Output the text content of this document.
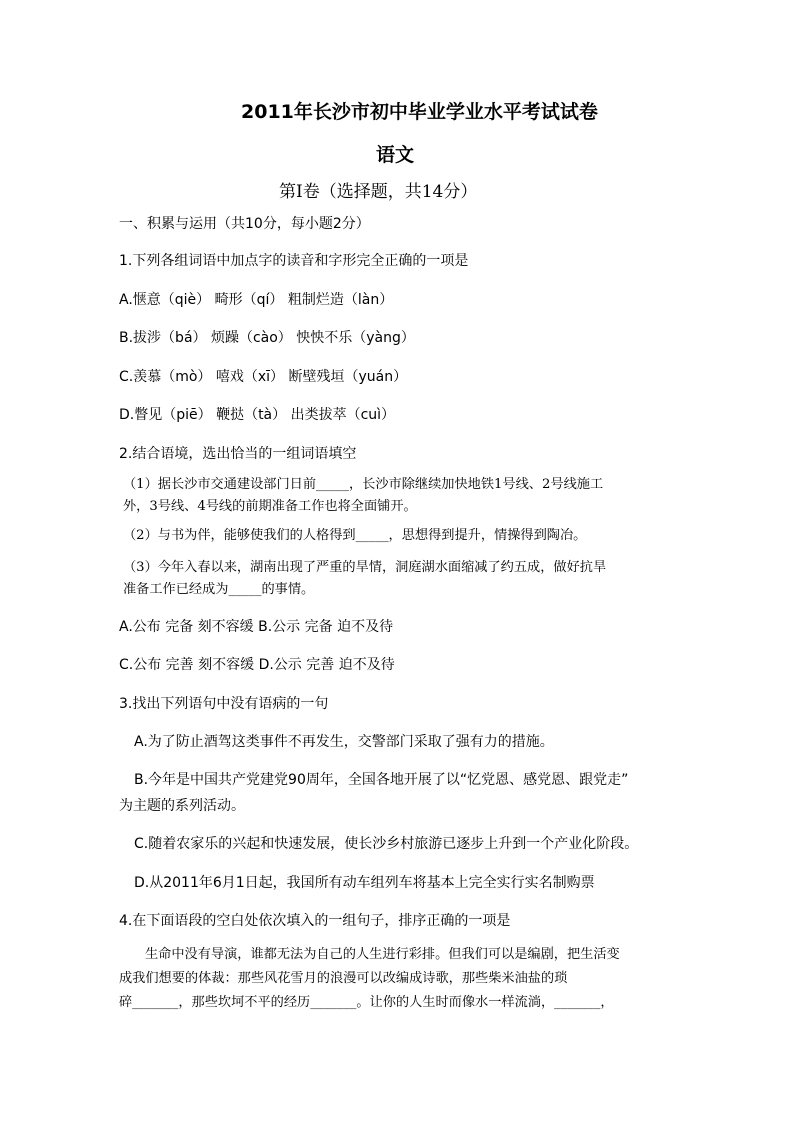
2011年长沙市初中毕业学业水平考试试卷
语文
第Ⅰ卷（选择题，共14分）
一、积累与运用（共10分，每小题2分）
1.下列各组词语中加点字的读音和字形完全正确的一项是
A.惬意（qiè） 畸形（qí） 粗制烂造（làn）
B.拔涉（bá） 烦躁（cào） 怏怏不乐（yàng）
C.羡慕（mò） 嘻戏（xī） 断壁残垣（yuán）
D.瞥见（piē） 鞭挞（tà） 出类拔萃（cuì）
2.结合语境，选出恰当的一组词语填空
（1）据长沙市交通建设部门日前_____，长沙市除继续加快地铁1号线、2号线施工
外，3号线、4号线的前期准备工作也将全面铺开。
（2）与书为伴，能够使我们的人格得到_____，思想得到提升，情操得到陶冶。
（3）今年入春以来，湖南出现了严重的旱情，洞庭湖水面缩减了约五成，做好抗旱
准备工作已经成为_____的事情。
A.公布 完备 刻不容缓 B.公示 完备 迫不及待
C.公布 完善 刻不容缓 D.公示 完善 迫不及待
3.找出下列语句中没有语病的一句
A.为了防止酒驾这类事件不再发生，交警部门采取了强有力的措施。
B.今年是中国共产党建党90周年，全国各地开展了以“忆党恩、感党恩、跟党走”
为主题的系列活动。
C.随着农家乐的兴起和快速发展，使长沙乡村旅游已逐步上升到一个产业化阶段。
D.从2011年6月1日起，我国所有动车组列车将基本上完全实行实名制购票
4.在下面语段的空白处依次填入的一组句子，排序正确的一项是
生命中没有导演，谁都无法为自己的人生进行彩排。但我们可以是编剧，把生活变
成我们想要的体裁：那些风花雪月的浪漫可以改编成诗歌，那些柴米油盐的琐
碎_______，那些坎坷不平的经历_______。让你的人生时而像水一样流淌，_______，
